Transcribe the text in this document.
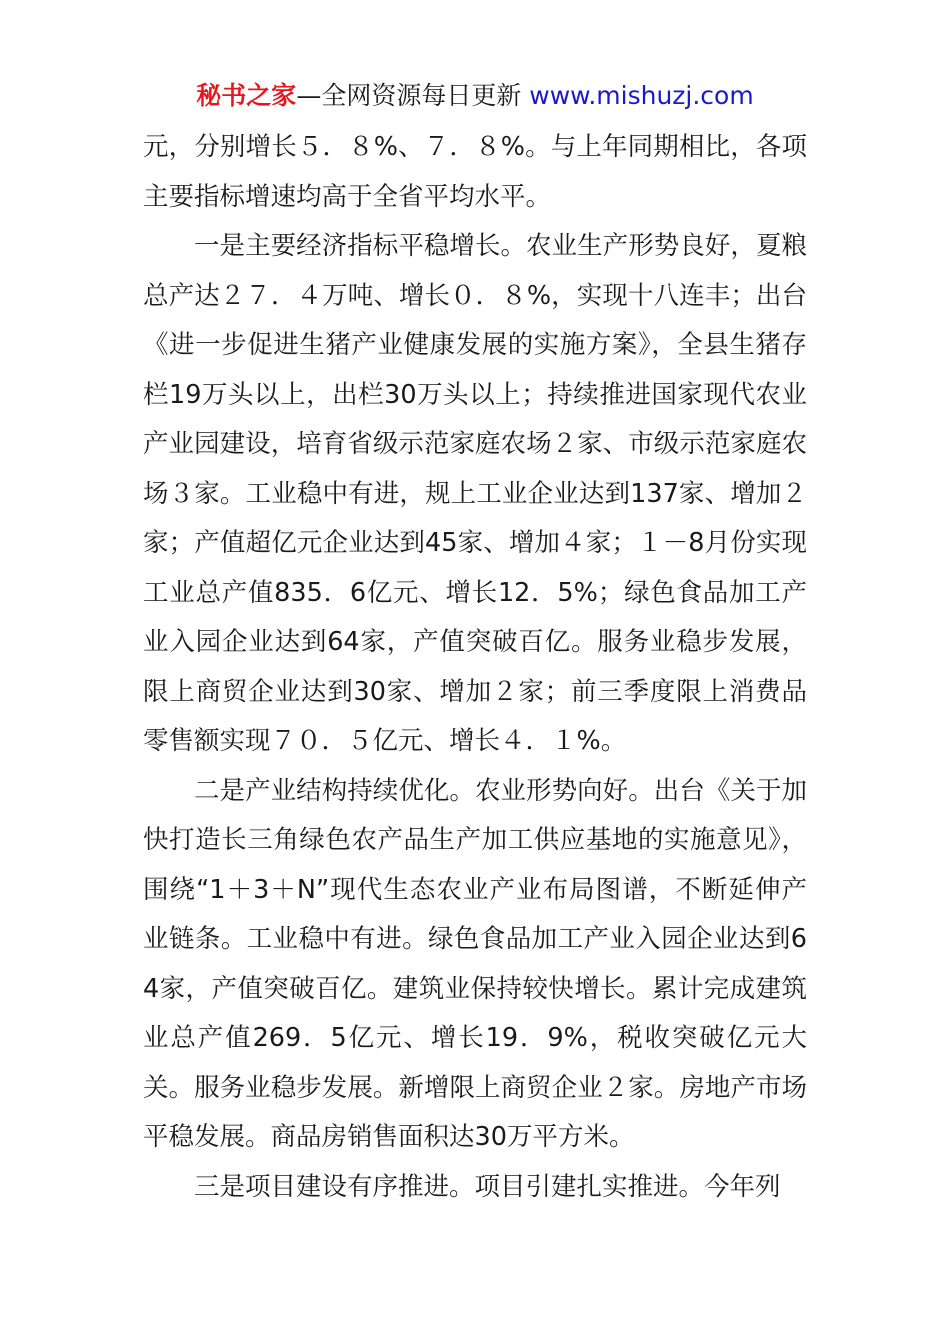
秘书之家—全网资源每日更新 www.mishuzj.com

元，分别增长５．８%、７．８%。与上年同期相比，各项主要指标增速均高于全省平均水平。

一是主要经济指标平稳增长。农业生产形势良好，夏粮总产达２７．４万吨、增长０．８%，实现十八连丰；出台《进一步促进生猪产业健康发展的实施方案》，全县生猪存栏19万头以上，出栏30万头以上；持续推进国家现代农业产业园建设，培育省级示范家庭农场２家、市级示范家庭农场３家。工业稳中有进，规上工业企业达到137家、增加２家；产值超亿元企业达到45家、增加４家；１－8月份实现工业总产值835．6亿元、增长12．5%；绿色食品加工产业入园企业达到64家，产值突破百亿。服务业稳步发展，限上商贸企业达到30家、增加２家；前三季度限上消费品零售额实现７０．５亿元、增长４．１%。

二是产业结构持续优化。农业形势向好。出台《关于加快打造长三角绿色农产品生产加工供应基地的实施意见》，围绕“1＋3＋N”现代生态农业产业布局图谱，不断延伸产业链条。工业稳中有进。绿色食品加工产业入园企业达到64家，产值突破百亿。建筑业保持较快增长。累计完成建筑业总产值269．5亿元、增长19．9%，税收突破亿元大关。服务业稳步发展。新增限上商贸企业２家。房地产市场平稳发展。商品房销售面积达30万平方米。

三是项目建设有序推进。项目引建扎实推进。今年列
